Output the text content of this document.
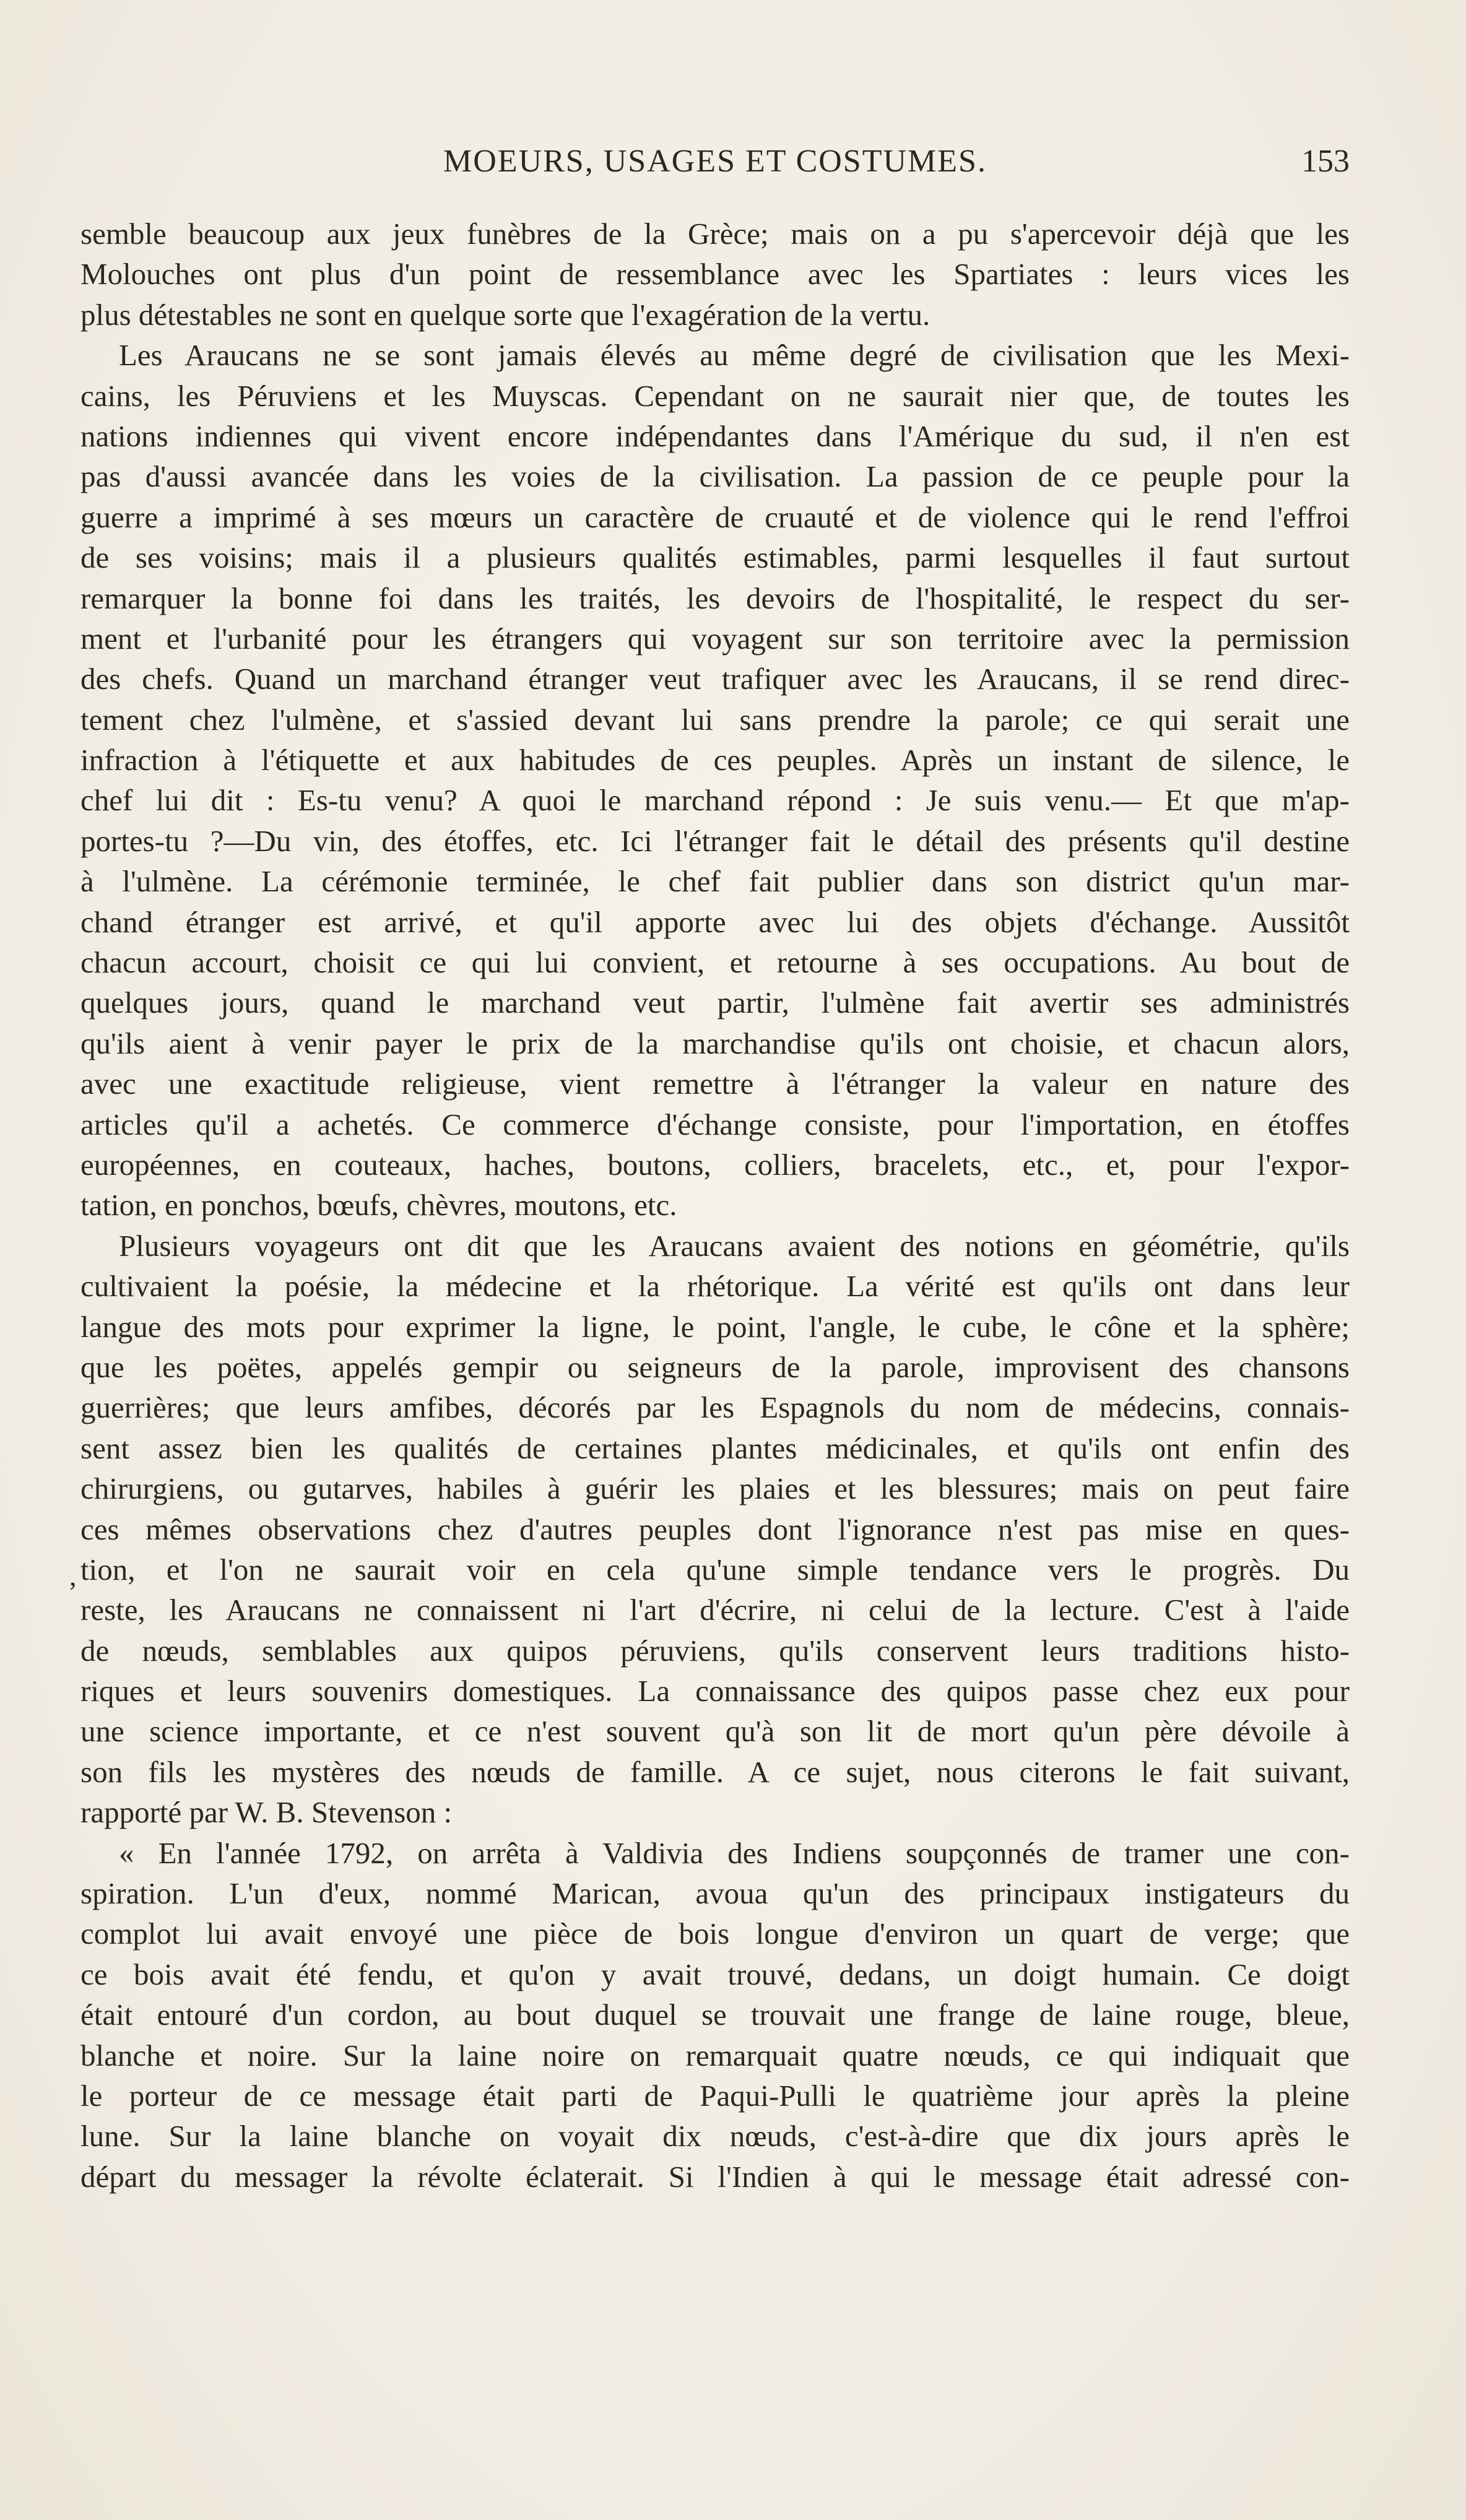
MOEURS, USAGES ET COSTUMES.	153
,
semble beaucoup aux jeux funèbres de la Grèce; mais on a pu s'apercevoir déjà que les
Molouches ont plus d'un point de ressemblance avec les Spartiates : leurs vices les
plus détestables ne sont en quelque sorte que l'exagération de la vertu.
Les Araucans ne se sont jamais élevés au même degré de civilisation que les Mexi-
cains, les Péruviens et les Muyscas. Cependant on ne saurait nier que, de toutes les
nations indiennes qui vivent encore indépendantes dans l'Amérique du sud, il n'en est
pas d'aussi avancée dans les voies de la civilisation. La passion de ce peuple pour la
guerre a imprimé à ses mœurs un caractère de cruauté et de violence qui le rend l'effroi
de ses voisins; mais il a plusieurs qualités estimables, parmi lesquelles il faut surtout
remarquer la bonne foi dans les traités, les devoirs de l'hospitalité, le respect du ser-
ment et l'urbanité pour les étrangers qui voyagent sur son territoire avec la permission
des chefs. Quand un marchand étranger veut trafiquer avec les Araucans, il se rend direc-
tement chez l'ulmène, et s'assied devant lui sans prendre la parole; ce qui serait une
infraction à l'étiquette et aux habitudes de ces peuples. Après un instant de silence, le
chef lui dit : Es-tu venu? A quoi le marchand répond : Je suis venu.— Et que m'ap-
portes-tu ?—Du vin, des étoffes, etc. Ici l'étranger fait le détail des présents qu'il destine
à l'ulmène. La cérémonie terminée, le chef fait publier dans son district qu'un mar-
chand étranger est arrivé, et qu'il apporte avec lui des objets d'échange. Aussitôt
chacun accourt, choisit ce qui lui convient, et retourne à ses occupations. Au bout de
quelques jours, quand le marchand veut partir, l'ulmène fait avertir ses administrés
qu'ils aient à venir payer le prix de la marchandise qu'ils ont choisie, et chacun alors,
avec une exactitude religieuse, vient remettre à l'étranger la valeur en nature des
articles qu'il a achetés. Ce commerce d'échange consiste, pour l'importation, en étoffes
européennes, en couteaux, haches, boutons, colliers, bracelets, etc., et, pour l'expor-
tation, en ponchos, bœufs, chèvres, moutons, etc.
Plusieurs voyageurs ont dit que les Araucans avaient des notions en géométrie, qu'ils
cultivaient la poésie, la médecine et la rhétorique. La vérité est qu'ils ont dans leur
langue des mots pour exprimer la ligne, le point, l'angle, le cube, le cône et la sphère;
que les poëtes, appelés gempir ou seigneurs de la parole, improvisent des chansons
guerrières; que leurs amfibes, décorés par les Espagnols du nom de médecins, connais-
sent assez bien les qualités de certaines plantes médicinales, et qu'ils ont enfin des
chirurgiens, ou gutarves, habiles à guérir les plaies et les blessures; mais on peut faire
ces mêmes observations chez d'autres peuples dont l'ignorance n'est pas mise en ques-
tion, et l'on ne saurait voir en cela qu'une simple tendance vers le progrès. Du
reste, les Araucans ne connaissent ni l'art d'écrire, ni celui de la lecture. C'est à l'aide
de nœuds, semblables aux quipos péruviens, qu'ils conservent leurs traditions histo-
riques et leurs souvenirs domestiques. La connaissance des quipos passe chez eux pour
une science importante, et ce n'est souvent qu'à son lit de mort qu'un père dévoile à
son fils les mystères des nœuds de famille. A ce sujet, nous citerons le fait suivant,
rapporté par W. B. Stevenson :
« En l'année 1792, on arrêta à Valdivia des Indiens soupçonnés de tramer une con-
spiration. L'un d'eux, nommé Marican, avoua qu'un des principaux instigateurs du
complot lui avait envoyé une pièce de bois longue d'environ un quart de verge; que
ce bois avait été fendu, et qu'on y avait trouvé, dedans, un doigt humain. Ce doigt
était entouré d'un cordon, au bout duquel se trouvait une frange de laine rouge, bleue,
blanche et noire. Sur la laine noire on remarquait quatre nœuds, ce qui indiquait que
le porteur de ce message était parti de Paqui-Pulli le quatrième jour après la pleine
lune. Sur la laine blanche on voyait dix nœuds, c'est-à-dire que dix jours après le
départ du messager la révolte éclaterait. Si l'Indien à qui le message était adressé con-
